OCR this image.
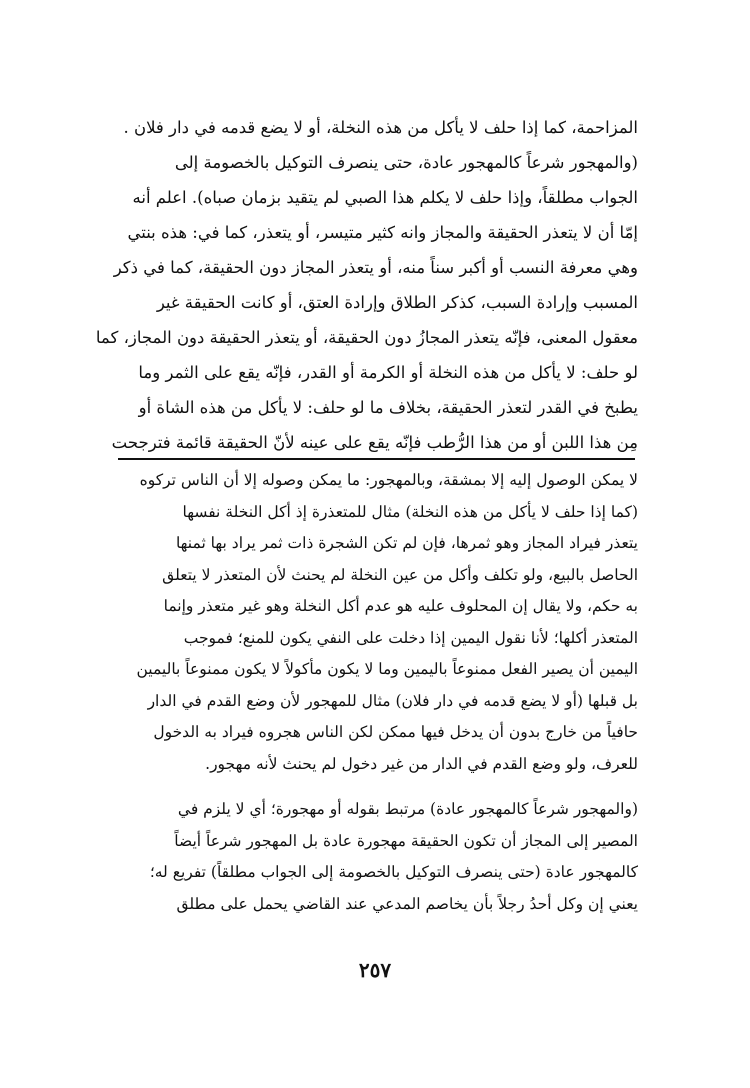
المزاحمة، كما إذا حلف لا يأكل من هذه النخلة، أو لا يضع قدمه في دار فلان .
(والمهجور شرعاً كالمهجور عادة، حتى ينصرف التوكيل بالخصومة إلى
الجواب مطلقاً، وإذا حلف لا يكلم هذا الصبي لم يتقيد بزمان صباه). اعلم أنه
إمّا أن لا يتعذر الحقيقة والمجاز وانه كثير متيسر، أو يتعذر، كما في: هذه بنتي
وهي معرفة النسب أو أكبر سناً منه، أو يتعذر المجاز دون الحقيقة، كما في ذكر
المسبب وإرادة السبب، كذكر الطلاق وإرادة العتق، أو كانت الحقيقة غير
معقول المعنى، فإنّه يتعذر المجازُ دون الحقيقة، أو يتعذر الحقيقة دون المجاز، كما
لو حلف: لا يأكل من هذه النخلة أو الكرمة أو القدر، فإنّه يقع على الثمر وما
يطبخ في القدر لتعذر الحقيقة، بخلاف ما لو حلف: لا يأكل من هذه الشاة أو
مِن هذا اللبن أو من هذا الرُّطب فإنّه يقع على عينه لأنّ الحقيقة قائمة فترجحت
لا يمكن الوصول إليه إلا بمشقة، وبالمهجور: ما يمكن وصوله إلا أن الناس تركوه
(كما إذا حلف لا يأكل من هذه النخلة) مثال للمتعذرة إذ أكل النخلة نفسها
يتعذر فيراد المجاز وهو ثمرها، فإن لم تكن الشجرة ذات ثمر يراد بها ثمنها
الحاصل بالبيع، ولو تكلف وأكل من عين النخلة لم يحنث لأن المتعذر لا يتعلق
به حكم، ولا يقال إن المحلوف عليه هو عدم أكل النخلة وهو غير متعذر وإنما
المتعذر أكلها؛ لأنا نقول اليمين إذا دخلت على النفي يكون للمنع؛ فموجب
اليمين أن يصير الفعل ممنوعاً باليمين وما لا يكون مأكولاً لا يكون ممنوعاً باليمين
بل قبلها (أو لا يضع قدمه في دار فلان) مثال للمهجور لأن وضع القدم في الدار
حافياً من خارج بدون أن يدخل فيها ممكن لكن الناس هجروه فيراد به الدخول
للعرف، ولو وضع القدم في الدار من غير دخول لم يحنث لأنه مهجور.
(والمهجور شرعاً كالمهجور عادة) مرتبط بقوله أو مهجورة؛ أي لا يلزم في
المصير إلى المجاز أن تكون الحقيقة مهجورة عادة بل المهجور شرعاً أيضاً
كالمهجور عادة (حتى ينصرف التوكيل بالخصومة إلى الجواب مطلقاً) تفريع له؛
يعني إن وكل أحدُ رجلاً بأن يخاصم المدعي عند القاضي يحمل على مطلق
٢٥٧
